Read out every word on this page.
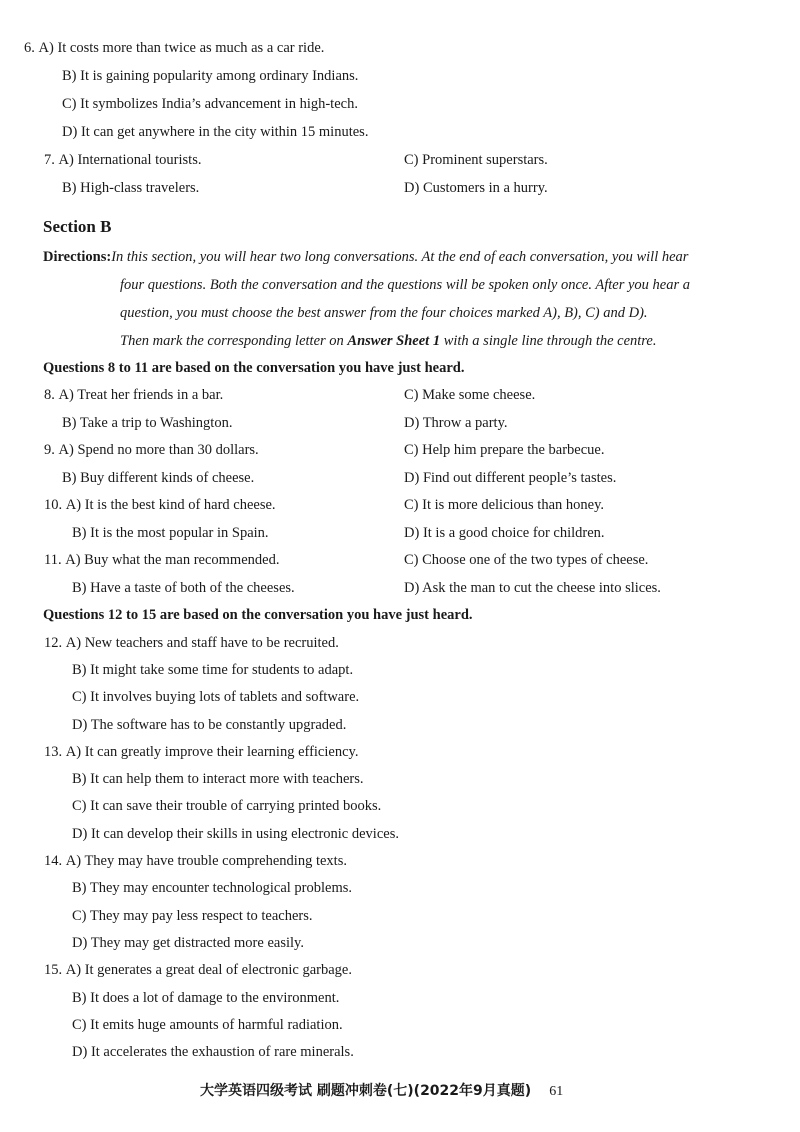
6. A) It costs more than twice as much as a car ride.
B) It is gaining popularity among ordinary Indians.
C) It symbolizes India’s advancement in high-tech.
D) It can get anywhere in the city within 15 minutes.
7. A) International tourists.	C) Prominent superstars.
B) High-class travelers.	D) Customers in a hurry.
Section B
Directions:In this section, you will hear two long conversations. At the end of each conversation, you will hear
four questions. Both the conversation and the questions will be spoken only once. After you hear a
question, you must choose the best answer from the four choices marked A), B), C) and D).
Then mark the corresponding letter on Answer Sheet 1 with a single line through the centre.
Questions 8 to 11 are based on the conversation you have just heard.
8. A) Treat her friends in a bar.	C) Make some cheese.
B) Take a trip to Washington.	D) Throw a party.
9. A) Spend no more than 30 dollars.	C) Help him prepare the barbecue.
B) Buy different kinds of cheese.	D) Find out different people’s tastes.
10. A) It is the best kind of hard cheese.	C) It is more delicious than honey.
B) It is the most popular in Spain.	D) It is a good choice for children.
11. A) Buy what the man recommended.	C) Choose one of the two types of cheese.
B) Have a taste of both of the cheeses.	D) Ask the man to cut the cheese into slices.
Questions 12 to 15 are based on the conversation you have just heard.
12. A) New teachers and staff have to be recruited.
B) It might take some time for students to adapt.
C) It involves buying lots of tablets and software.
D) The software has to be constantly upgraded.
13. A) It can greatly improve their learning efficiency.
B) It can help them to interact more with teachers.
C) It can save their trouble of carrying printed books.
D) It can develop their skills in using electronic devices.
14. A) They may have trouble comprehending texts.
B) They may encounter technological problems.
C) They may pay less respect to teachers.
D) They may get distracted more easily.
15. A) It generates a great deal of electronic garbage.
B) It does a lot of damage to the environment.
C) It emits huge amounts of harmful radiation.
D) It accelerates the exhaustion of rare minerals.
大学英语四级考试 刷题冲刺卷(七)(2022年9月真题) 61
